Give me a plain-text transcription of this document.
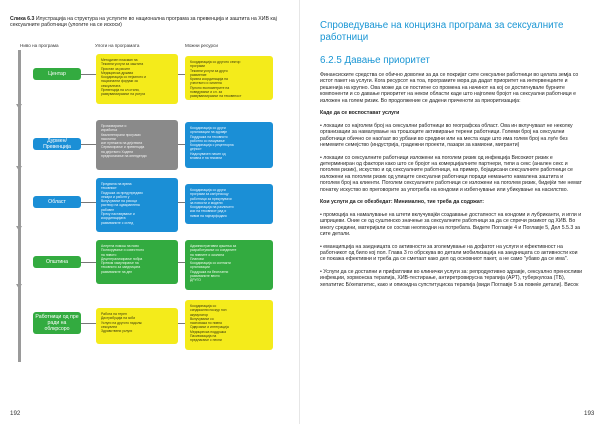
Слика 6.3 Илустрација на структура на услугите во национална програма за превенција и заштита на ХИВ кај сексуалните работници (улогите на се искоси)
Ниво на програма	Улоги на програмата	Можни ресурси
Центар
Методичен пласман на
Тековни услуги за заштита
Пристап за рисинг
Медицинска држава
Координација со нејзиното и
национални форуми за
сексуалната
Превенција на сл.стили,
развуваниираање на услуга
Координација со другото сектор
програми
Тековни услуги за друго
развиение
Кризна координација на
учеството и хигиена
Пуноно економетрите на
поведување и сл. за
развуваниираање на тековеност
Дурмен/Превенција
Промовирање и
изработка
Квалитетирани програми
насочени
кон нутежата на дејствата
Сервисирање и превенција
на дејството Ходени
предполагање на иненденди
Координација со други
организации на здравје
Поддршка на тековното
работно со пишување
Координација с рецепторна
дејност
Надочувачен начин од
вливна е на тековни
Област
Предвила на врвна
тековниот
Подршка за предупредаво
лекари и работн у
Вклучување на рисоци
раствор на одварапеена
рабовнн
Преку наставување и
координацијата
развиваните с оглед
Координација со други
програми за кап'рескоцу
работници за прекупувачи
за новости и модели
Координација на различити
кои на тековниот рад и
нивов на најпарфоданс
Општина
Алертна помош на ново
Полворување и совестното
на нивото
Децентрализирање побра
Превом хамулирање на
тековното за заедницата
развиваните на ден
Административни кршења за
разработување со соедините
на нивните и околина
Планови
Координација со контакти
организации
Поддршка на бесплатни
развиваните вести
ДРУГО
Работници од пре ради на облкрсоро
Работа на терен
Дистрибуција на зоби
Услуги на другото надолж
сексуални
Здравствени услуги
Координација со
синдикални поскур пон
акумулатор
Вклучување со
пасноважа по нивна
Одврзање и интеграција
Медицинска поддршка
Пасивизација на
предлагање с песни
192
Спроведување на концизна програма за сексуалните работници
6.2.5 Давање приоритет

Финансиските средства се обично доволни за да се покријат сите сексуални работници во целата земја со истот пакет на услуги. Кога ресурсот на тоа, програмите мора да дадат приоритет на интервенциите и решенија на крупно. Ова може да се постигне со промена на начинот на кој се достигнувале бурните компоненти и со давање приоритет на некои области каде што најголем бројот на сексуални работници е изложен на голем ризик. Во продолжение се дадени приченоти за приоритизација:

Каде да се воспостават услуги

• локации со најголем број на сексуални работници во географска област. Ова ин вклучуваат не неколку организации за намалување на трошоците активирање терени работници. Големи број на сексуални работници обично се наоѓаат во урбани во средини или на места каде што има голем број на луѓе без немемите семејство (индустрија, градежни проекти, пазари за камиони, мигранти)

• локации со сексуалните работници изложени на поголем ризик од инфекција Високиот ризик е детерминиран од фактори како што се бројот на комерцијалните партнери, типи а секс (анален секс и поголем ризик), искуство и од сексуалните работници, на пример, бојадисани сексуалните работници се изложени на поголем ризик од улиците сексуални работници поради немањето намалена заштита и поголем број на клиенти. Поголем сексуалните работници се изложени на поголем ризик, бидејќи тие немат понатку искуство во преговорите за употреба на кондоми и избегнување или убикување на насилство.

Кои услуги да се обезбедат: Минимално, тие треба да содржат:

• промоција на намалување на штети вклучувајќи создавање достапност на кондоми и лубриканти, и игли и шприцеви. Оние се од суштинско значење за сексуалните работници за да се спречи ризикот од ХИВ. Во многу средини, материјали се состав неопходни на потребата. Видете Поглавје 4 и Поглавје 5, Дел 5.5.3 за сите детали.

• еманципција на заедницата со активности за зголемување на дофатот на услуги и ефективност на работникот од било кој пол. Глава 3 го обрскува во детали мобилизација на заедницата со активности кои се покажа ефективни и треба да се сметаат како дел од основниот пакет, а не само "убаво да се има".

• Услуги да се достапни и прифатливи во клинички услуги за: репродуктивно здравје, сексуално преносливи инфекции, хормонска терапија, ХИВ-тестирање, антиретровирусна терапија (АРТ), туберкулоза (ТБ), хепатитис Б/хепатитис, како и опиоидна супституциска терапија (види Поглавје 5 за повеќе детали). Висок

193
